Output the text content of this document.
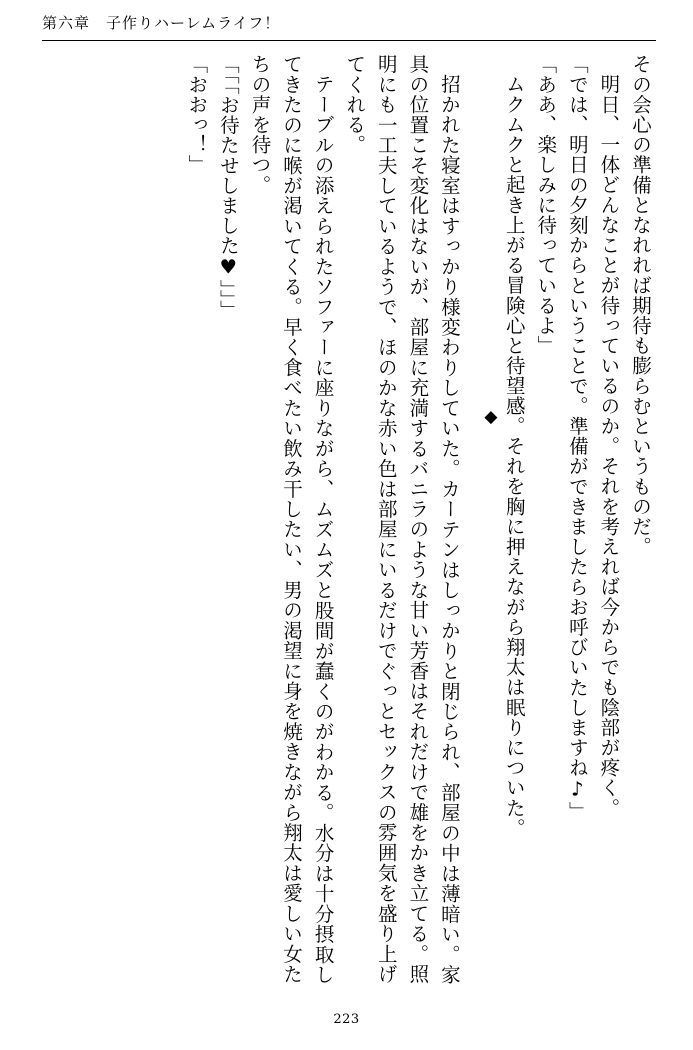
第六章　子作りハーレムライフ！

その会心の準備となれれば期待も膨らむというものだ。

明日、一体どんなことが待っているのか。それを考えれば今からでも陰部が疼く。

「では、明日の夕刻からということで。準備ができましたらお呼びいたしますね♪」

「ああ、楽しみに待っているよ」

ムクムクと起き上がる冒険心と待望感。それを胸に押えながら翔太は眠りについた。

◆

招かれた寝室はすっかり様変わりしていた。カーテンはしっかりと閉じられ、部屋の中は薄暗い。家具の位置こそ変化はないが、部屋に充満するバニラのような甘い芳香はそれだけで雄をかき立てる。照明にも一工夫しているようで、ほのかな赤い色は部屋にいるだけでぐっとセックスの雰囲気を盛り上げてくれる。

テーブルの添えられたソファーに座りながら、ムズムズと股間が蠢くのがわかる。水分は十分摂取してきたのに喉が渇いてくる。早く食べたい飲み干したい、男の渇望に身を焼きながら翔太は愛しい女たちの声を待つ。

「「「お待たせしました♥」」」

「おおっ！」

223
